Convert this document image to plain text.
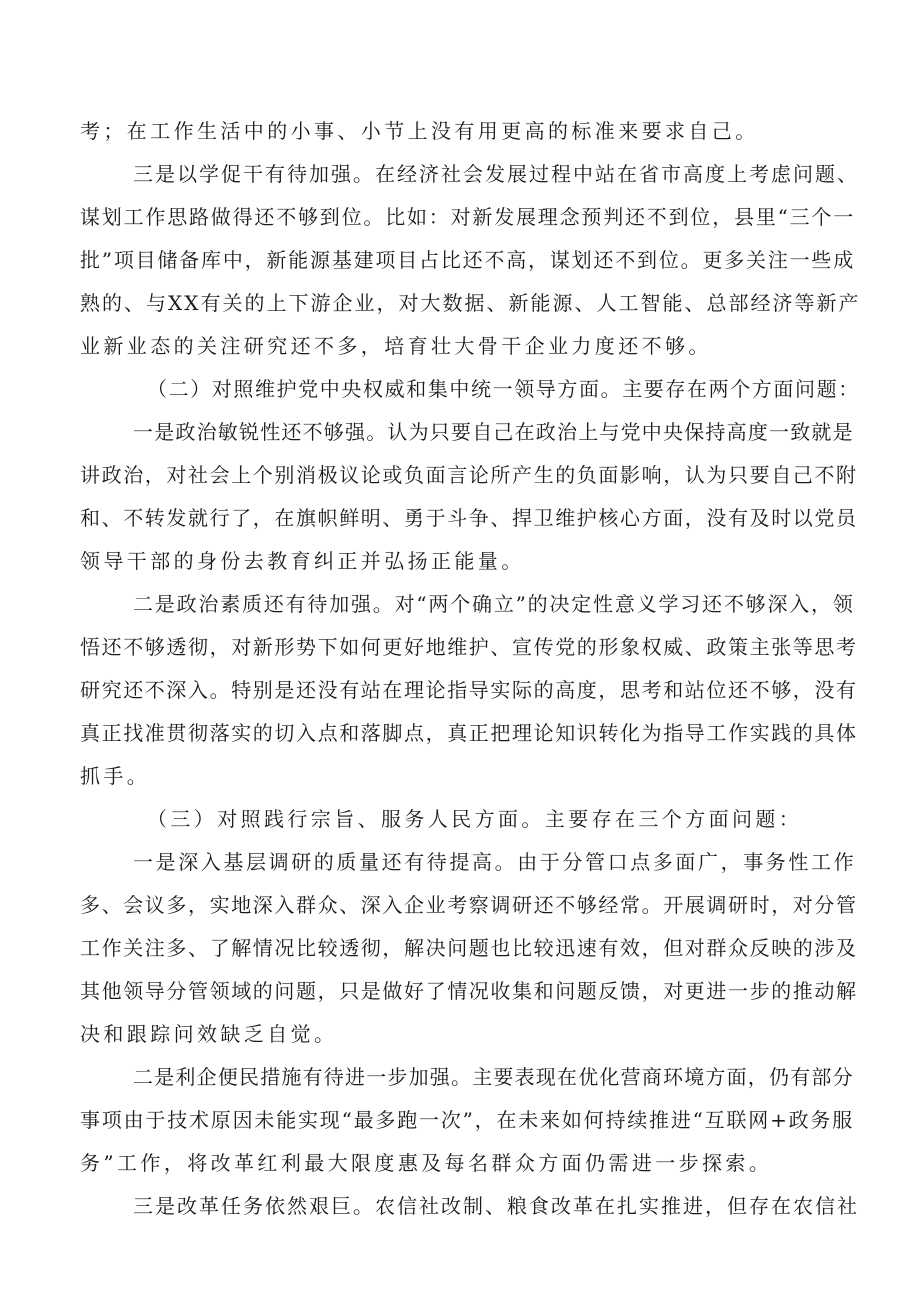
考；在工作生活中的小事、小节上没有用更高的标准来要求自己。
三是以学促干有待加强。在经济社会发展过程中站在省市高度上考虑问题、
谋划工作思路做得还不够到位。比如：对新发展理念预判还不到位，县里“三个一
批”项目储备库中，新能源基建项目占比还不高，谋划还不到位。更多关注一些成
熟的、与XX有关的上下游企业，对大数据、新能源、人工智能、总部经济等新产
业新业态的关注研究还不多，培育壮大骨干企业力度还不够。
（二）对照维护党中央权威和集中统一领导方面。主要存在两个方面问题：
一是政治敏锐性还不够强。认为只要自己在政治上与党中央保持高度一致就是
讲政治，对社会上个别消极议论或负面言论所产生的负面影响，认为只要自己不附
和、不转发就行了，在旗帜鲜明、勇于斗争、捍卫维护核心方面，没有及时以党员
领导干部的身份去教育纠正并弘扬正能量。
二是政治素质还有待加强。对“两个确立”的决定性意义学习还不够深入，领
悟还不够透彻，对新形势下如何更好地维护、宣传党的形象权威、政策主张等思考
研究还不深入。特别是还没有站在理论指导实际的高度，思考和站位还不够，没有
真正找准贯彻落实的切入点和落脚点，真正把理论知识转化为指导工作实践的具体
抓手。
（三）对照践行宗旨、服务人民方面。主要存在三个方面问题：
一是深入基层调研的质量还有待提高。由于分管口点多面广，事务性工作
多、会议多，实地深入群众、深入企业考察调研还不够经常。开展调研时，对分管
工作关注多、了解情况比较透彻，解决问题也比较迅速有效，但对群众反映的涉及
其他领导分管领域的问题，只是做好了情况收集和问题反馈，对更进一步的推动解
决和跟踪问效缺乏自觉。
二是利企便民措施有待进一步加强。主要表现在优化营商环境方面，仍有部分
事项由于技术原因未能实现“最多跑一次”，在未来如何持续推进“互联网+政务服
务”工作，将改革红利最大限度惠及每名群众方面仍需进一步探索。
三是改革任务依然艰巨。农信社改制、粮食改革在扎实推进，但存在农信社
